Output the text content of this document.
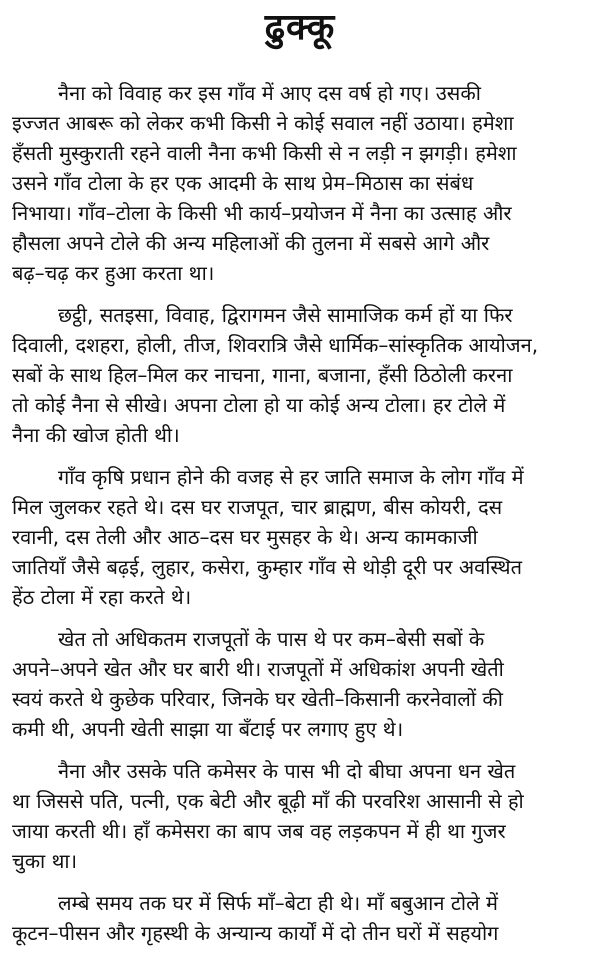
ढुक्कू
नैना को विवाह कर इस गाँव में आए दस वर्ष हो गए। उसकी
इज्जत आबरू को लेकर कभी किसी ने कोई सवाल नहीं उठाया। हमेशा
हँसती मुस्कुराती रहने वाली नैना कभी किसी से न लड़ी न झगड़ी। हमेशा
उसने गाँव टोला के हर एक आदमी के साथ प्रेम–मिठास का संबंध
निभाया। गाँव–टोला के किसी भी कार्य–प्रयोजन में नैना का उत्साह और
हौसला अपने टोले की अन्य महिलाओं की तुलना में सबसे आगे और
बढ़–चढ़ कर हुआ करता था।
छट्ठी, सतइसा, विवाह, द्विरागमन जैसे सामाजिक कर्म हों या फिर
दिवाली, दशहरा, होली, तीज, शिवरात्रि जैसे धार्मिक–सांस्कृतिक आयोजन,
सबों के साथ हिल–मिल कर नाचना, गाना, बजाना, हँसी ठिठोली करना
तो कोई नैना से सीखे। अपना टोला हो या कोई अन्य टोला। हर टोले में
नैना की खोज होती थी।
गाँव कृषि प्रधान होने की वजह से हर जाति समाज के लोग गाँव में
मिल जुलकर रहते थे। दस घर राजपूत, चार ब्राह्मण, बीस कोयरी, दस
रवानी, दस तेली और आठ–दस घर मुसहर के थे। अन्य कामकाजी
जातियाँ जैसे बढ़ई, लुहार, कसेरा, कुम्हार गाँव से थोड़ी दूरी पर अवस्थित
हेंठ टोला में रहा करते थे।
खेत तो अधिकतम राजपूतों के पास थे पर कम–बेसी सबों के
अपने–अपने खेत और घर बारी थी। राजपूतों में अधिकांश अपनी खेती
स्वयं करते थे कुछेक परिवार, जिनके घर खेती–किसानी करनेवालों की
कमी थी, अपनी खेती साझा या बँटाई पर लगाए हुए थे।
नैना और उसके पति कमेसर के पास भी दो बीघा अपना धन खेत
था जिससे पति, पत्नी, एक बेटी और बूढ़ी माँ की परवरिश आसानी से हो
जाया करती थी। हाँ कमेसरा का बाप जब वह लड़कपन में ही था गुजर
चुका था।
लम्बे समय तक घर में सिर्फ माँ–बेटा ही थे। माँ बबुआन टोले में
कूटन–पीसन और गृहस्थी के अन्यान्य कार्यों में दो तीन घरों में सहयोग
